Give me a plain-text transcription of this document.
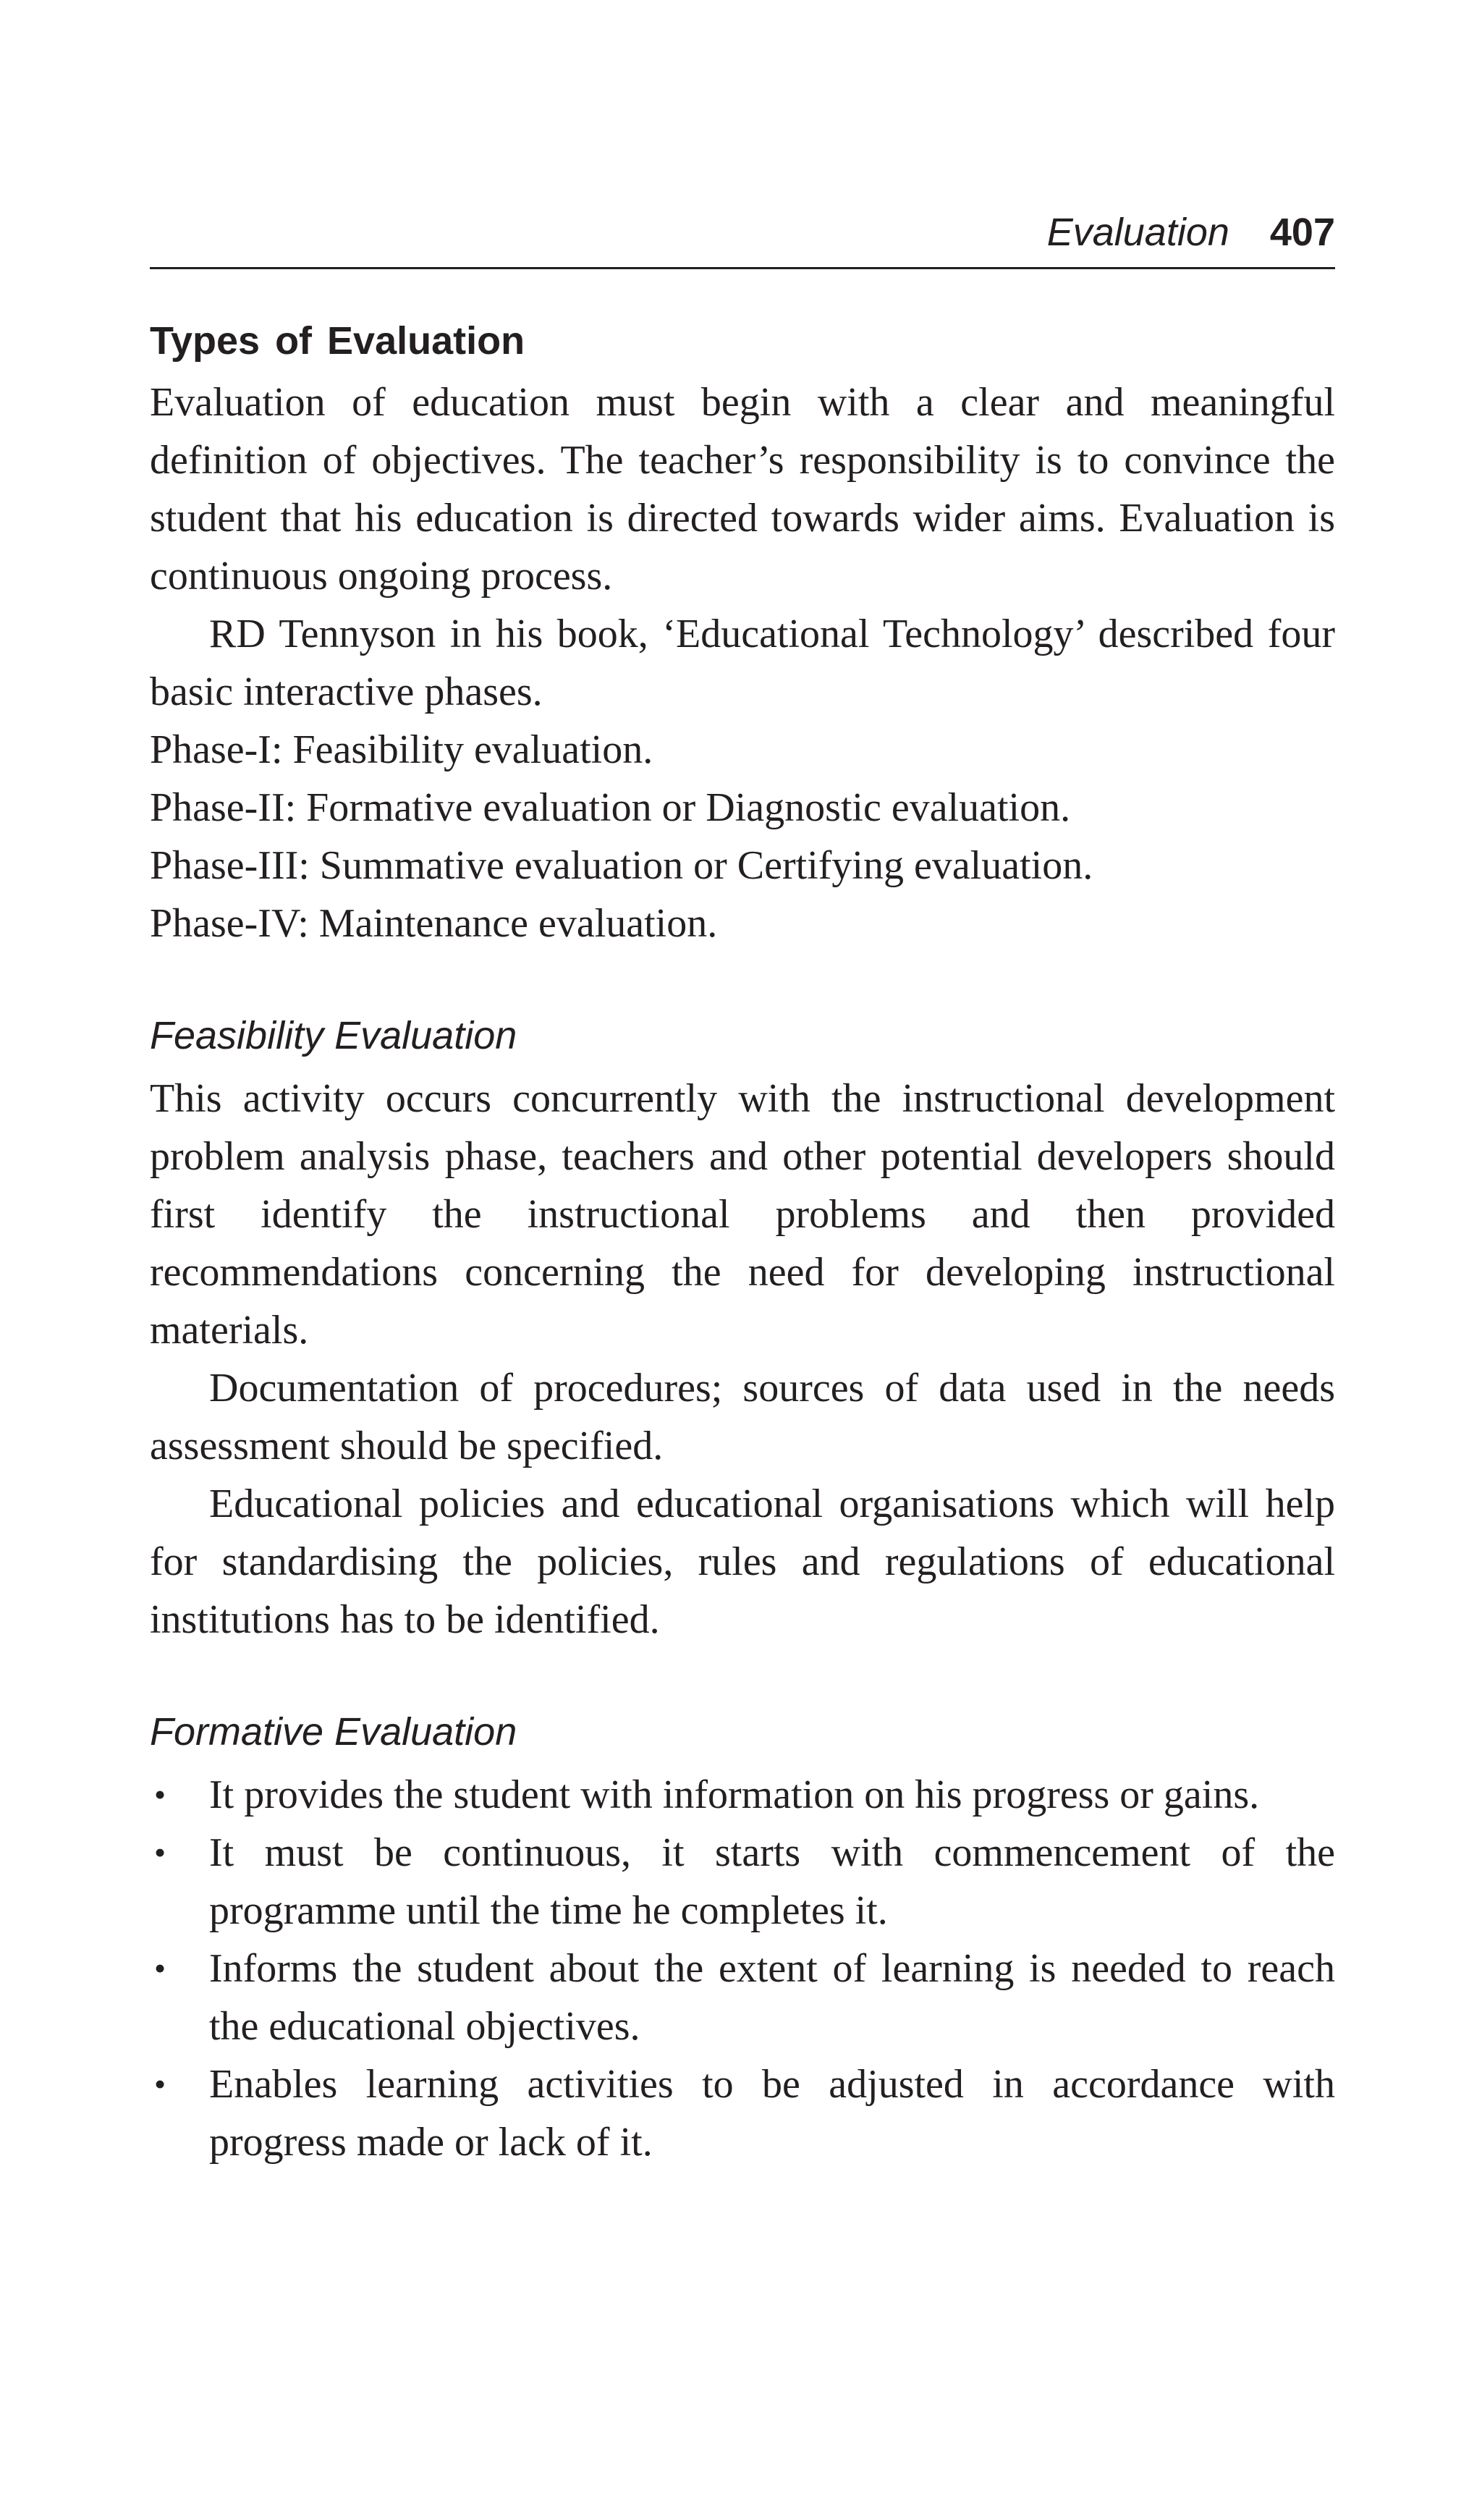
Evaluation 407
Types of Evaluation

Evaluation of education must begin with a clear and meaningful definition of objectives. The teacher’s responsibility is to convince the student that his education is directed towards wider aims. Evaluation is continuous ongoing process.

RD Tennyson in his book, ‘Educational Technology’ described four basic interactive phases.

Phase-I: Feasibility evaluation.

Phase-II: Formative evaluation or Diagnostic evaluation.

Phase-III: Summative evaluation or Certifying evaluation.

Phase-IV: Maintenance evaluation.

Feasibility Evaluation

This activity occurs concurrently with the instructional development problem analysis phase, teachers and other potential developers should first identify the instructional problems and then provided recommendations concerning the need for developing instructional materials.

Documentation of procedures; sources of data used in the needs assessment should be specified.

Educational policies and educational organisations which will help for standardising the policies, rules and regulations of educational institutions has to be identified.

Formative Evaluation
• It provides the student with information on his progress or gains.
• It must be continuous, it starts with commencement of the programme until the time he completes it.
• Informs the student about the extent of learning is needed to reach the educational objectives.
• Enables learning activities to be adjusted in accordance with progress made or lack of it.
